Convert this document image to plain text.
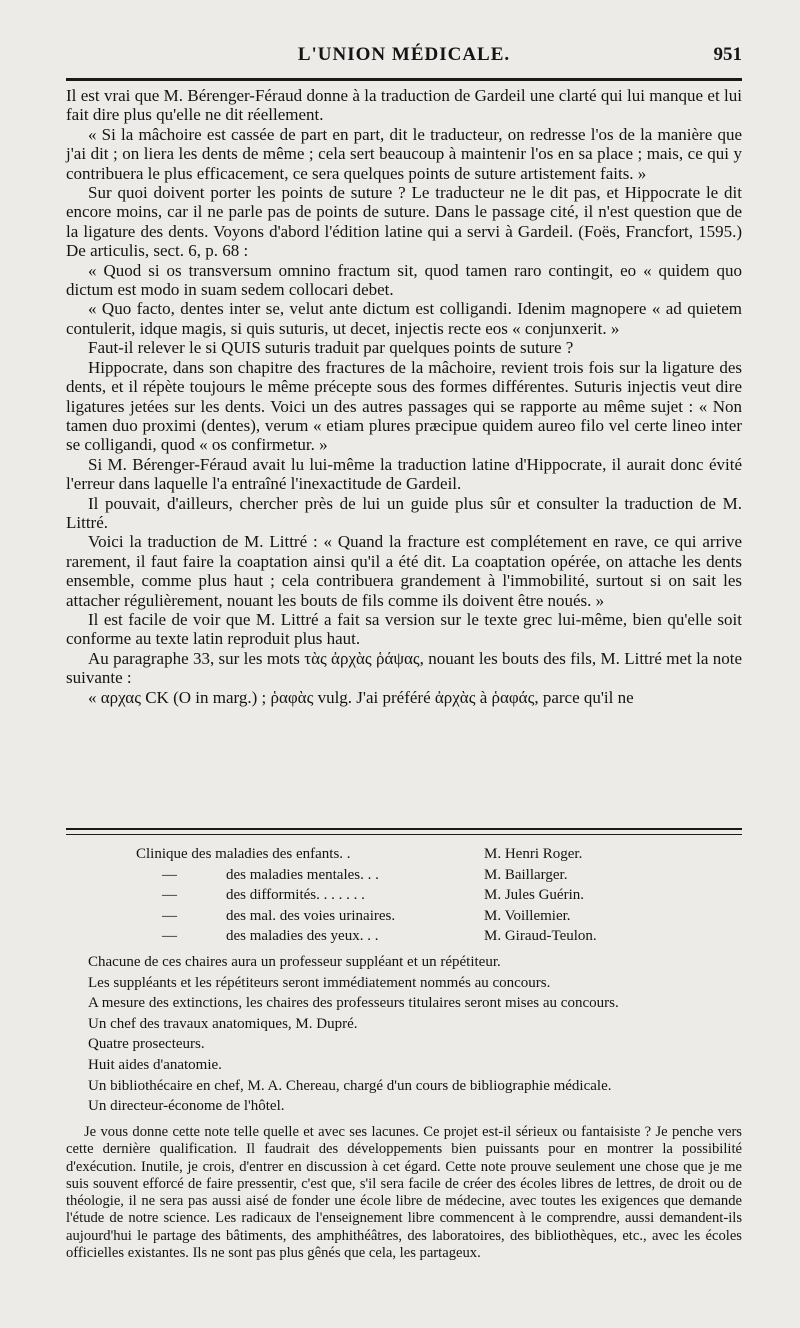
L'UNION MÉDICALE.	951

Il est vrai que M. Bérenger-Féraud donne à la traduction de Gardeil une clarté qui lui manque et lui fait dire plus qu'elle ne dit réellement.

« Si la mâchoire est cassée de part en part, dit le traducteur, on redresse l'os de la manière que j'ai dit ; on liera les dents de même ; cela sert beaucoup à maintenir l'os en sa place ; mais, ce qui y contribuera le plus efficacement, ce sera quelques points de suture artistement faits. »

Sur quoi doivent porter les points de suture ? Le traducteur ne le dit pas, et Hippocrate le dit encore moins, car il ne parle pas de points de suture. Dans le passage cité, il n'est question que de la ligature des dents. Voyons d'abord l'édition latine qui a servi à Gardeil. (Foës, Francfort, 1595.) De articulis, sect. 6, p. 68 :

« Quod si os transversum omnino fractum sit, quod tamen raro contingit, eo « quidem quo dictum est modo in suam sedem collocari debet.

« Quo facto, dentes inter se, velut ante dictum est colligandi. Idenim magnopere « ad quietem contulerit, idque magis, si quis suturis, ut decet, injectis recte eos « conjunxerit. »

Faut-il relever le si QUIS suturis traduit par quelques points de suture ?

Hippocrate, dans son chapitre des fractures de la mâchoire, revient trois fois sur la ligature des dents, et il répète toujours le même précepte sous des formes différentes. Suturis injectis veut dire ligatures jetées sur les dents. Voici un des autres passages qui se rapporte au même sujet : « Non tamen duo proximi (dentes), verum « etiam plures præcipue quidem aureo filo vel certe lineo inter se colligandi, quod « os confirmetur. »

Si M. Bérenger-Féraud avait lu lui-même la traduction latine d'Hippocrate, il aurait donc évité l'erreur dans laquelle l'a entraîné l'inexactitude de Gardeil.

Il pouvait, d'ailleurs, chercher près de lui un guide plus sûr et consulter la traduction de M. Littré.

Voici la traduction de M. Littré : « Quand la fracture est complétement en rave, ce qui arrive rarement, il faut faire la coaptation ainsi qu'il a été dit. La coaptation opérée, on attache les dents ensemble, comme plus haut ; cela contribuera grandement à l'immobilité, surtout si on sait les attacher régulièrement, nouant les bouts de fils comme ils doivent être noués. »

Il est facile de voir que M. Littré a fait sa version sur le texte grec lui-même, bien qu'elle soit conforme au texte latin reproduit plus haut.

Au paragraphe 33, sur les mots τὰς ἀρχὰς ῥάψας, nouant les bouts des fils, M. Littré met la note suivante :

« αρχας CK (O in marg.) ; ῥαφὰς vulg. J'ai préféré ἀρχὰς à ῥαφάς, parce qu'il ne

Clinique des maladies des enfants. .	M. Henri Roger.
—	des maladies mentales. . .	M. Baillarger.
—	des difformités. . . . . . .	M. Jules Guérin.
—	des mal. des voies urinaires.	M. Voillemier.
—	des maladies des yeux. . .	M. Giraud-Teulon.

Chacune de ces chaires aura un professeur suppléant et un répétiteur.

Les suppléants et les répétiteurs seront immédiatement nommés au concours.

A mesure des extinctions, les chaires des professeurs titulaires seront mises au concours.

Un chef des travaux anatomiques, M. Dupré.

Quatre prosecteurs.

Huit aides d'anatomie.

Un bibliothécaire en chef, M. A. Chereau, chargé d'un cours de bibliographie médicale.

Un directeur-économe de l'hôtel.

Je vous donne cette note telle quelle et avec ses lacunes. Ce projet est-il sérieux ou fantaisiste ? Je penche vers cette dernière qualification. Il faudrait des développements bien puissants pour en montrer la possibilité d'exécution. Inutile, je crois, d'entrer en discussion à cet égard. Cette note prouve seulement une chose que je me suis souvent efforcé de faire pressentir, c'est que, s'il sera facile de créer des écoles libres de lettres, de droit ou de théologie, il ne sera pas aussi aisé de fonder une école libre de médecine, avec toutes les exigences que demande l'étude de notre science. Les radicaux de l'enseignement libre commencent à le comprendre, aussi demandent-ils aujourd'hui le partage des bâtiments, des amphithéâtres, des laboratoires, des bibliothèques, etc., avec les écoles officielles existantes. Ils ne sont pas plus gênés que cela, les partageux.
